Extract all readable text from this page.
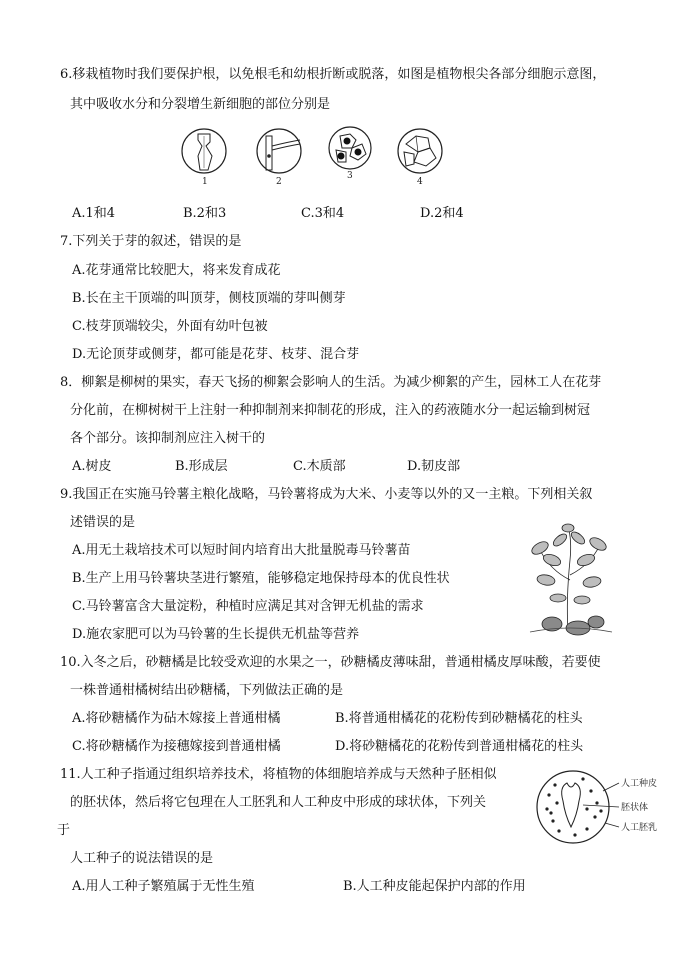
6.移栽植物时我们要保护根，以免根毛和幼根折断或脱落，如图是植物根尖各部分细胞示意图，
其中吸收水分和分裂增生新细胞的部位分别是
1	2
3
4
A.1和4	B.2和3	C.3和4	D.2和4
7.下列关于芽的叙述，错误的是
A.花芽通常比较肥大，将来发育成花
B.长在主干顶端的叫顶芽，侧枝顶端的芽叫侧芽
C.枝芽顶端较尖，外面有幼叶包被
D.无论顶芽或侧芽，都可能是花芽、枝芽、混合芽
8．柳絮是柳树的果实，春天飞扬的柳絮会影响人的生活。为减少柳絮的产生，园林工人在花芽
分化前，在柳树树干上注射一种抑制剂来抑制花的形成，注入的药液随水分一起运输到树冠
各个部分。该抑制剂应注入树干的
A.树皮	B.形成层	C.木质部	D.韧皮部
9.我国正在实施马铃薯主粮化战略，马铃薯将成为大米、小麦等以外的又一主粮。下列相关叙
述错误的是
A.用无土栽培技术可以短时间内培育出大批量脱毒马铃薯苗
B.生产上用马铃薯块茎进行繁殖，能够稳定地保持母本的优良性状
C.马铃薯富含大量淀粉，种植时应满足其对含钾无机盐的需求
D.施农家肥可以为马铃薯的生长提供无机盐等营养
10.入冬之后，砂糖橘是比较受欢迎的水果之一，砂糖橘皮薄味甜，普通柑橘皮厚味酸，若要使
一株普通柑橘树结出砂糖橘，下列做法正确的是
A.将砂糖橘作为砧木嫁接上普通柑橘	B.将普通柑橘花的花粉传到砂糖橘花的柱头
C.将砂糖橘作为接穗嫁接到普通柑橘	D.将砂糖橘花的花粉传到普通柑橘花的柱头
11.人工种子指通过组织培养技术，将植物的体细胞培养成与天然种子胚相似
的胚状体，然后将它包理在人工胚乳和人工种皮中形成的球状体，下列关
于
人工种子的说法错误的是
人工种皮
胚状体
人工胚乳
A.用人工种子繁殖属于无性生殖	B.人工种皮能起保护内部的作用
